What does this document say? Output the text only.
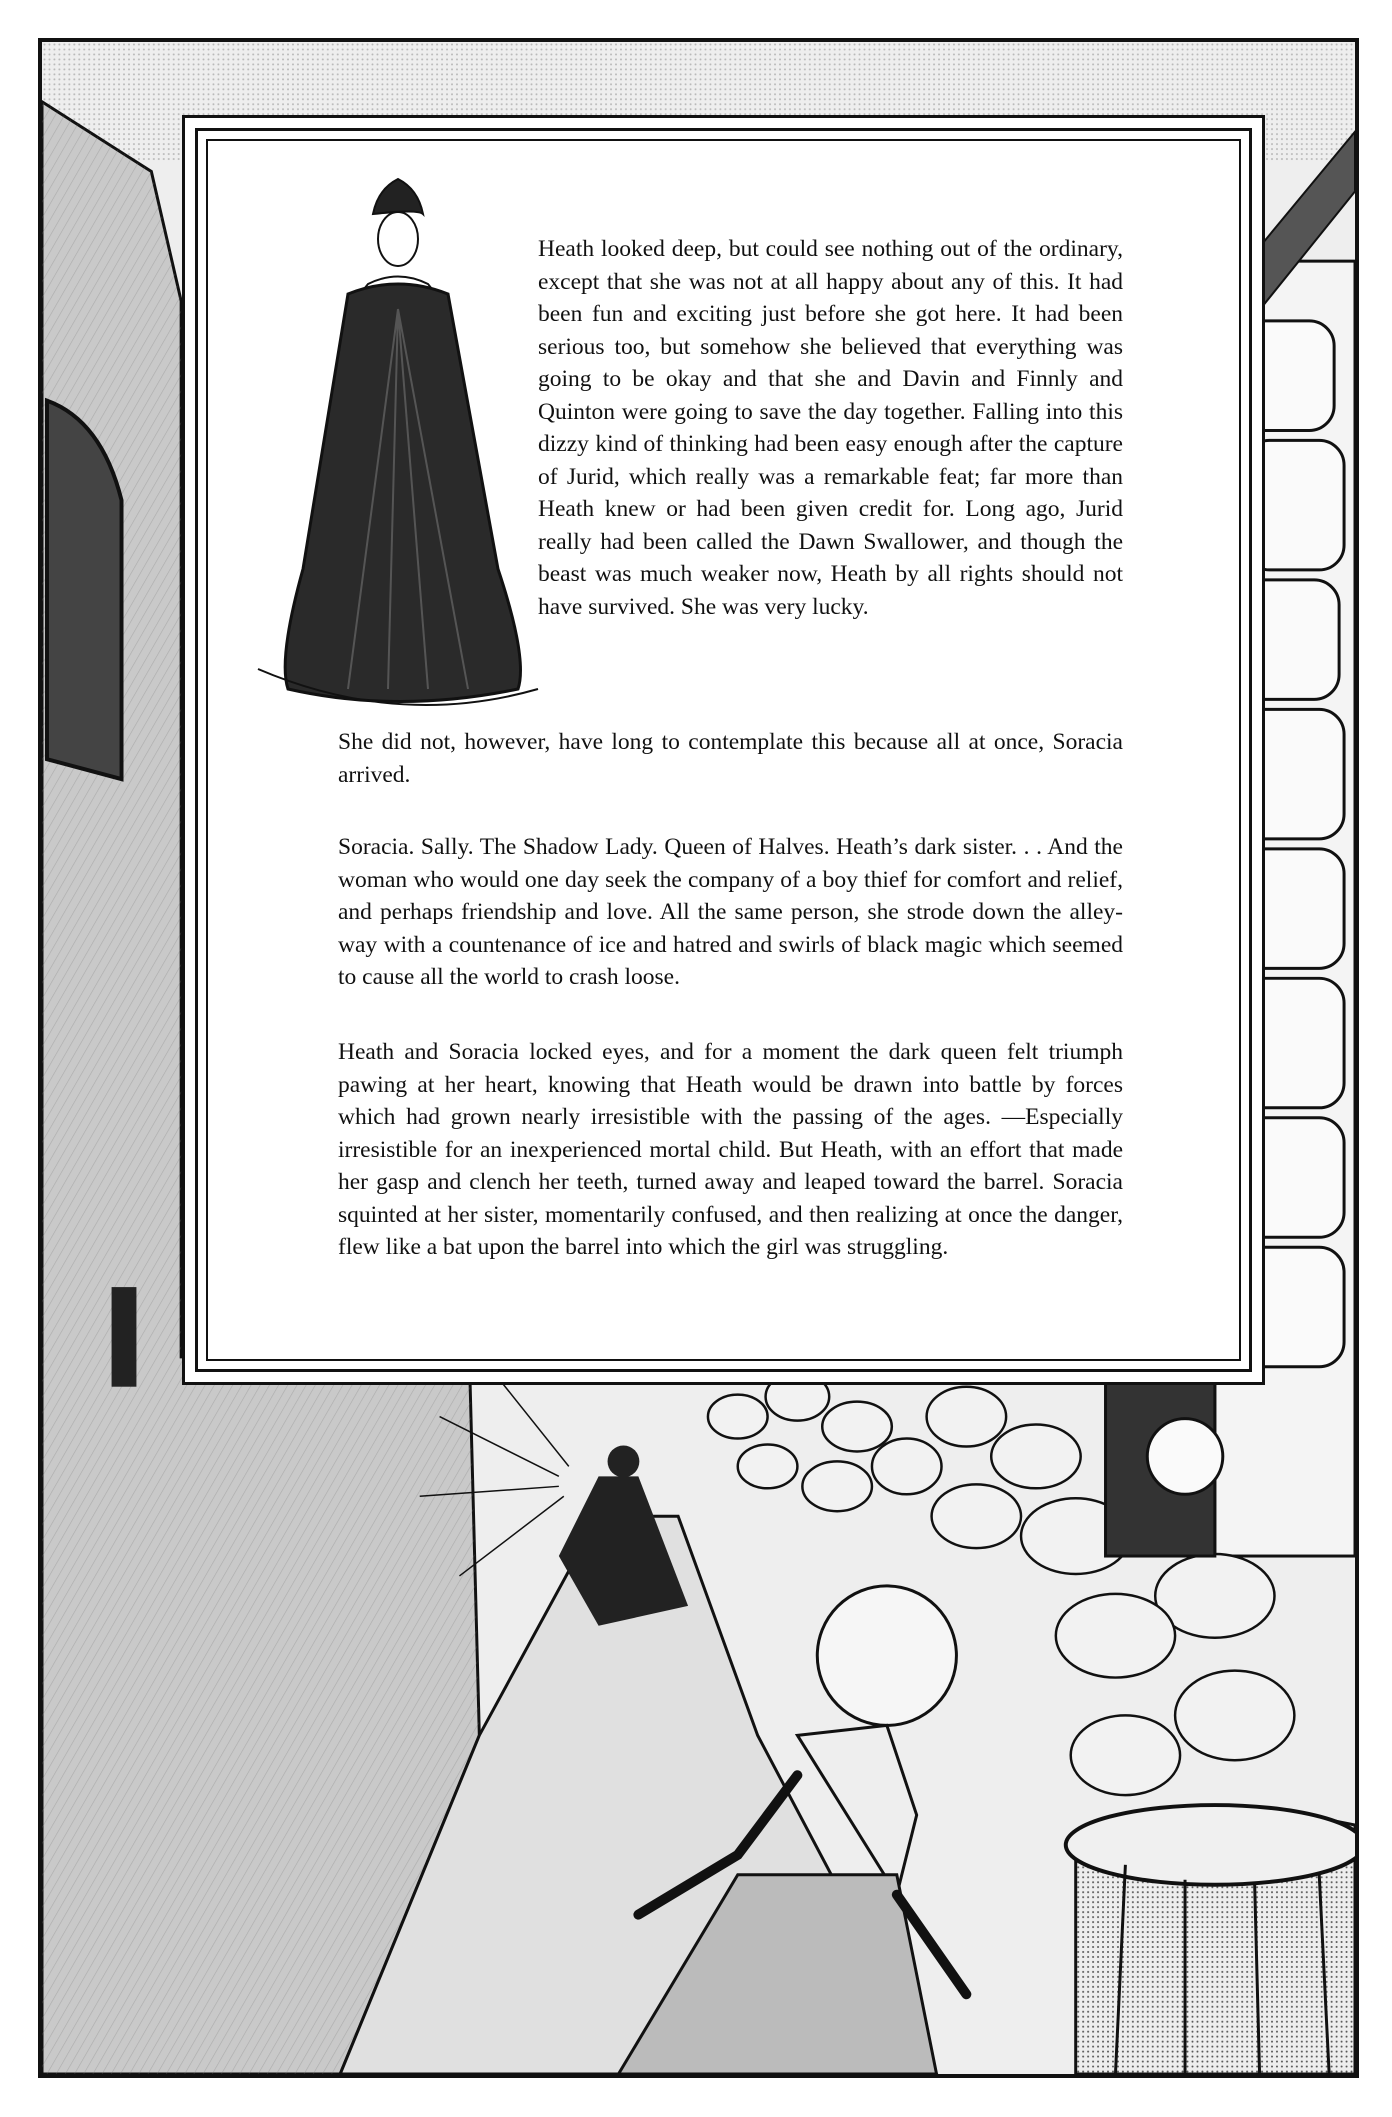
Heath looked deep, but could see nothing out of the ordinary, except that she was not at all happy about any of this. It had been fun and exciting just before she got here. It had been serious too, but somehow she believed that everything was going to be okay and that she and Davin and Finnly and Quinton were going to save the day together. Falling into this dizzy kind of thinking had been easy enough after the capture of Jurid, which really was a remarkable feat; far more than Heath knew or had been given credit for. Long ago, Jurid really had been called the Dawn Swallower, and though the beast was much weaker now, Heath by all rights should not have survived. She was very lucky.

She did not, however, have long to contemplate this because all at once, Soracia arrived.

Soracia. Sally. The Shadow Lady. Queen of Halves. Heath’s dark sister. . . And the woman who would one day seek the company of a boy thief for comfort and relief, and perhaps friendship and love. All the same person, she strode down the alley-way with a countenance of ice and hatred and swirls of black magic which seemed to cause all the world to crash loose.

Heath and Soracia locked eyes, and for a moment the dark queen felt triumph pawing at her heart, knowing that Heath would be drawn into battle by forces which had grown nearly irresistible with the passing of the ages. —Especially irresistible for an inexperienced mortal child. But Heath, with an effort that made her gasp and clench her teeth, turned away and leaped toward the barrel. Soracia squinted at her sister, momentarily confused, and then realizing at once the danger, flew like a bat upon the barrel into which the girl was struggling.
